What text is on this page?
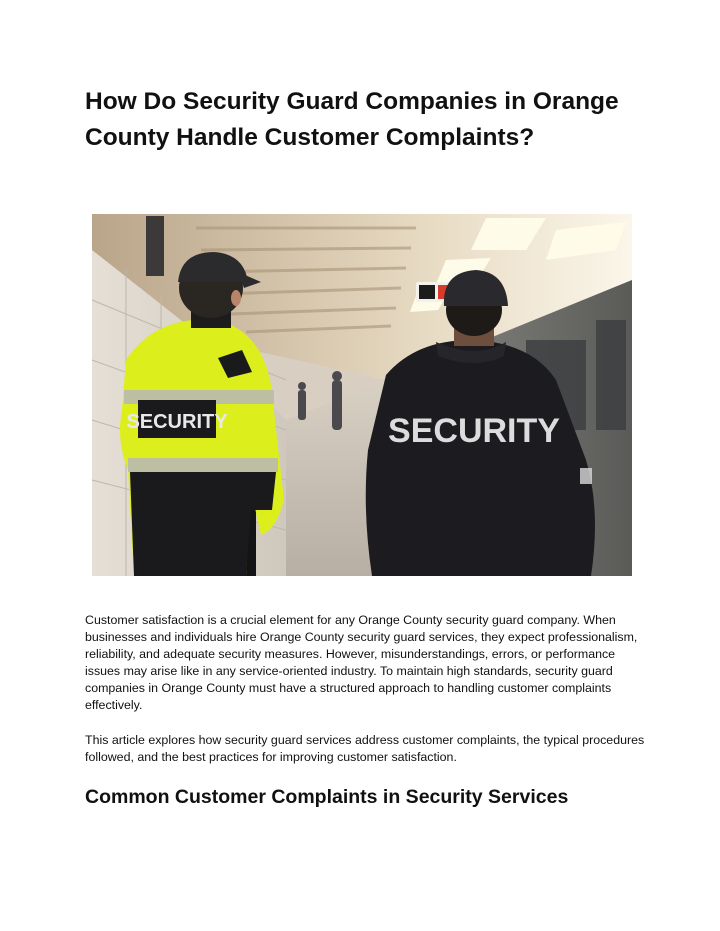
How Do Security Guard Companies in Orange County Handle Customer Complaints?
SECURITY	SECURITY

Customer satisfaction is a crucial element for any Orange County security guard company. When businesses and individuals hire Orange County security guard services, they expect professionalism, reliability, and adequate security measures. However, misunderstandings, errors, or performance issues may arise like in any service-oriented industry. To maintain high standards, security guard companies in Orange County must have a structured approach to handling customer complaints effectively.

This article explores how security guard services address customer complaints, the typical procedures followed, and the best practices for improving customer satisfaction.

Common Customer Complaints in Security Services
